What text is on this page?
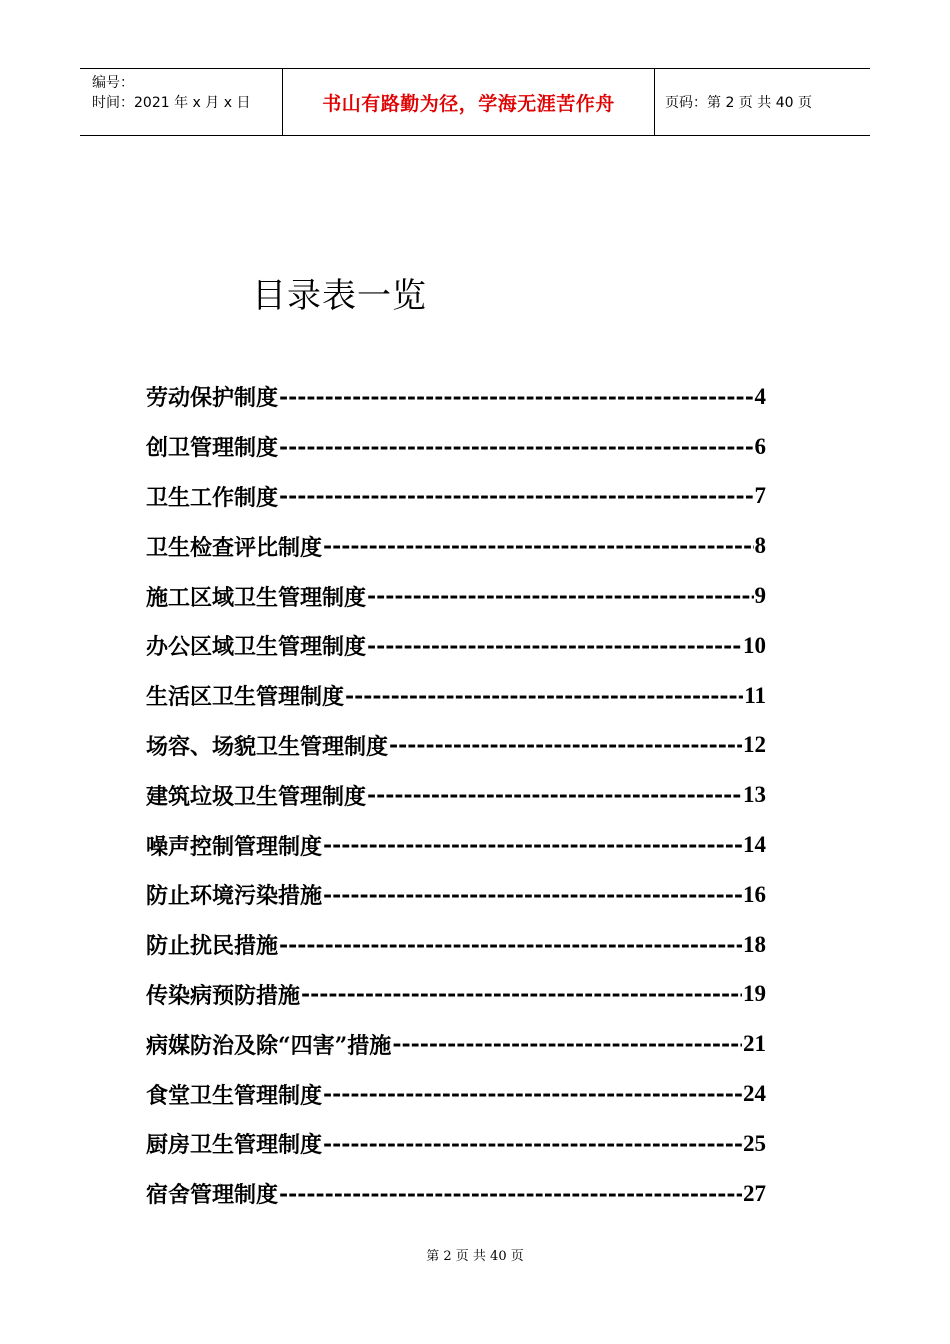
编号：
时间：2021 年 x 月 x 日	书山有路勤为径，学海无涯苦作舟	页码：第 2 页 共 40 页
目录表一览
劳动保护制度 -----	4
创卫管理制度 -----	6
卫生工作制度 -----	7
卫生检查评比制度 -----	8
施工区域卫生管理制度 -----	9
办公区域卫生管理制度 -----	10
生活区卫生管理制度 -----	11
场容、场貌卫生管理制度 -----	12
建筑垃圾卫生管理制度 -----	13
噪声控制管理制度 -----	14
防止环境污染措施 -----	16
防止扰民措施 -----	18
传染病预防措施 -----	19
病媒防治及除“四害”措施 -----	21
食堂卫生管理制度 -----	24
厨房卫生管理制度 -----	25
宿舍管理制度 -----	27
第 2 页 共 40 页
